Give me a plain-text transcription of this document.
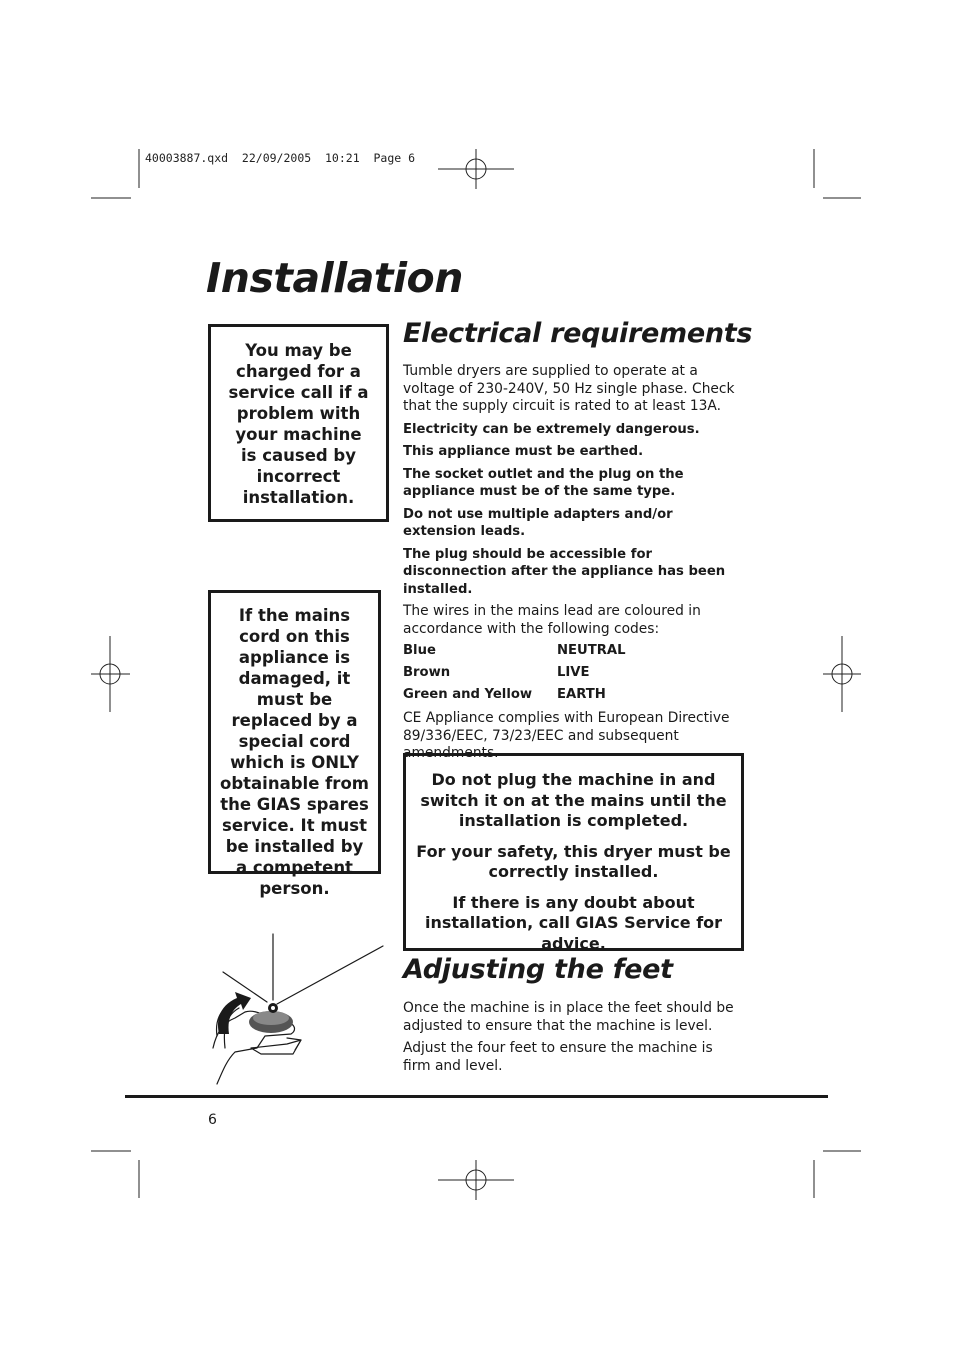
40003887.qxd  22/09/2005  10:21  Page 6
Installation
You may be charged for a service call if a problem with your machine is caused by incorrect installation.
If the mains cord on this appliance is damaged, it must be replaced by a special cord which is ONLY obtainable from the GIAS spares service. It must be installed by a competent person.
Electrical requirements

Tumble dryers are supplied to operate at a voltage of 230-240V, 50 Hz single phase. Check that the supply circuit is rated to at least 13A.

Electricity can be extremely dangerous.

This appliance must be earthed.

The socket outlet and the plug on the appliance must be of the same type.

Do not use multiple adapters and/or extension leads.

The plug should be accessible for disconnection after the appliance has been installed.

The wires in the mains lead are coloured in accordance with the following codes:

Blue	NEUTRAL
Brown	LIVE
Green and Yellow	EARTH

CE Appliance complies with European Directive 89/336/EEC, 73/23/EEC and subsequent amendments.

Do not plug the machine in and switch it on at the mains until the installation is completed.

For your safety, this dryer must be correctly installed.

If there is any doubt about installation, call GIAS Service for advice.

Adjusting the feet

Once the machine is in place the feet should be adjusted to ensure that the machine is level.

Adjust the four feet to ensure the machine is firm and level.

6
